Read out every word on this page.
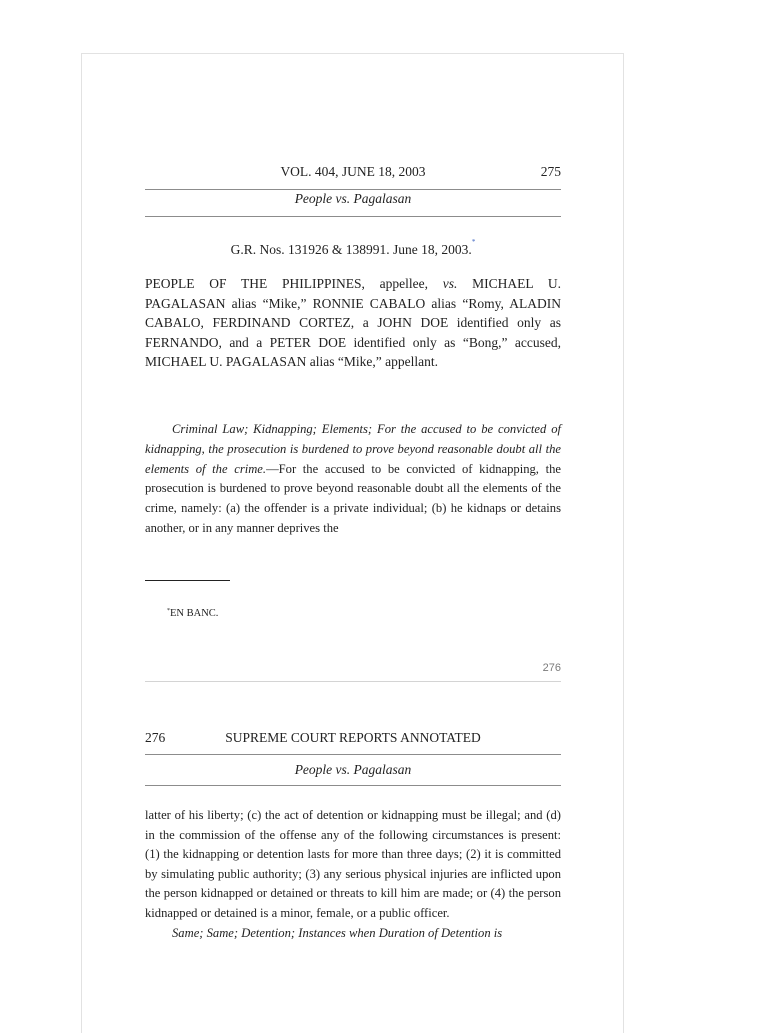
VOL. 404, JUNE 18, 2003	275
People vs. Pagalasan
G.R. Nos. 131926 & 138991. June 18, 2003.*

PEOPLE OF THE PHILIPPINES, appellee, vs. MICHAEL U. PAGALASAN alias “Mike,” RONNIE CABALO alias “Romy, ALADIN CABALO, FERDINAND CORTEZ, a JOHN DOE identified only as FERNANDO, and a PETER DOE identified only as “Bong,” accused, MICHAEL U. PAGALASAN alias “Mike,” appellant.

Criminal Law; Kidnapping; Elements; For the accused to be convicted of kidnapping, the prosecution is burdened to prove beyond reasonable doubt all the elements of the crime.—For the accused to be convicted of kidnapping, the prosecution is burdened to prove beyond reasonable doubt all the elements of the crime, namely: (a) the offender is a private individual; (b) he kidnaps or detains another, or in any manner deprives the

*EN BANC.
276
276	SUPREME COURT REPORTS ANNOTATED
People vs. Pagalasan

latter of his liberty; (c) the act of detention or kidnapping must be illegal; and (d) in the commission of the offense any of the following circumstances is present: (1) the kidnapping or detention lasts for more than three days; (2) it is committed by simulating public authority; (3) any serious physical injuries are inflicted upon the person kidnapped or detained or threats to kill him are made; or (4) the person kidnapped or detained is a minor, female, or a public officer.
Same; Same; Detention; Instances when Duration of Detention is
